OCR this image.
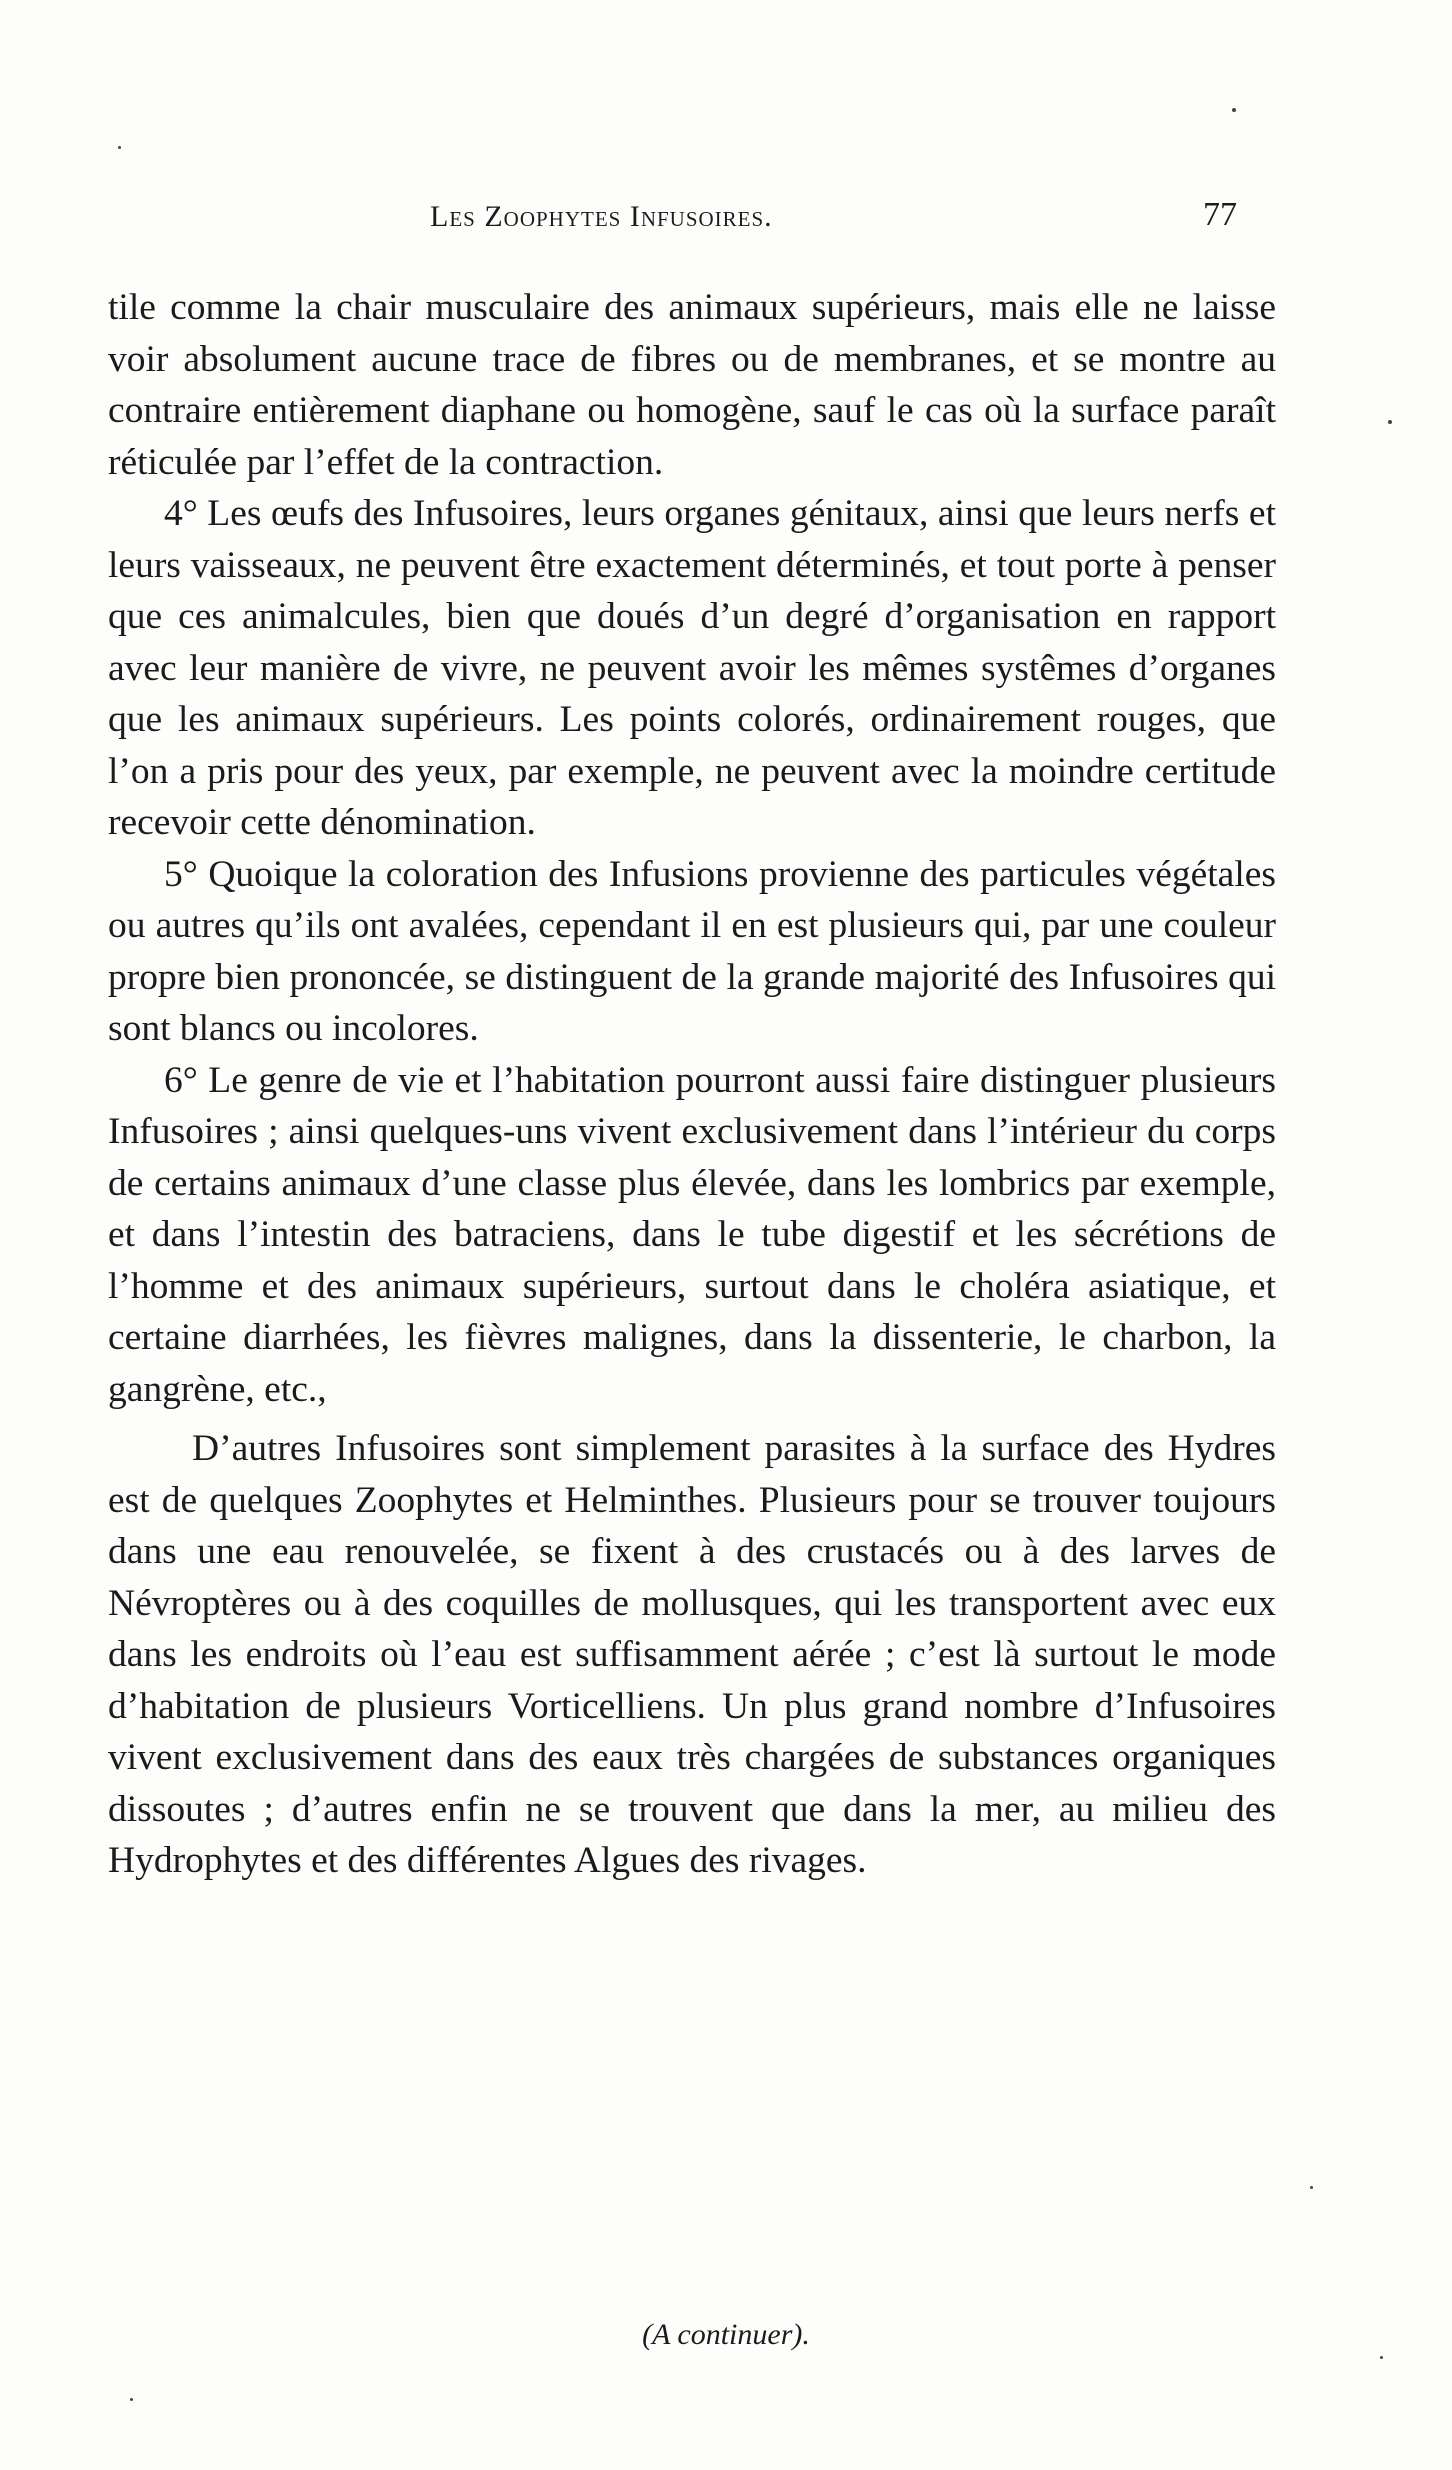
Les Zoophytes Infusoires.	77

tile comme la chair musculaire des animaux supérieurs, mais elle ne laisse voir absolument aucune trace de fibres ou de membranes, et se montre au contraire entièrement diaphane ou homogène, sauf le cas où la surface paraît réticulée par l’effet de la contraction.

4° Les œufs des Infusoires, leurs organes génitaux, ainsi que leurs nerfs et leurs vaisseaux, ne peuvent être exactement déterminés, et tout porte à penser que ces animalcules, bien que doués d’un degré d’organisation en rapport avec leur manière de vivre, ne peuvent avoir les mêmes systêmes d’organes que les animaux supérieurs. Les points colorés, ordinairement rouges, que l’on a pris pour des yeux, par exemple, ne peuvent avec la moindre certitude recevoir cette dénomination.

5° Quoique la coloration des Infusions provienne des particules végétales ou autres qu’ils ont avalées, cependant il en est plusieurs qui, par une couleur propre bien prononcée, se distinguent de la grande majorité des Infusoires qui sont blancs ou incolores.

6° Le genre de vie et l’habitation pourront aussi faire distinguer plusieurs Infusoires ; ainsi quelques-uns vivent exclusivement dans l’intérieur du corps de certains animaux d’une classe plus élevée, dans les lombrics par exemple, et dans l’intestin des batraciens, dans le tube digestif et les sécrétions de l’homme et des animaux supérieurs, surtout dans le choléra asiatique, et certaine diarrhées, les fièvres malignes, dans la dissenterie, le charbon, la gangrène, etc.,

D’autres Infusoires sont simplement parasites à la surface des Hydres est de quelques Zoophytes et Helminthes. Plusieurs pour se trouver toujours dans une eau renouvelée, se fixent à des crustacés ou à des larves de Névroptères ou à des coquilles de mollusques, qui les transportent avec eux dans les endroits où l’eau est suffisamment aérée ; c’est là surtout le mode d’habitation de plusieurs Vorticelliens. Un plus grand nombre d’Infusoires vivent exclusivement dans des eaux très chargées de substances organiques dissoutes ; d’autres enfin ne se trouvent que dans la mer, au milieu des Hydrophytes et des différentes Algues des rivages.

(A continuer).
